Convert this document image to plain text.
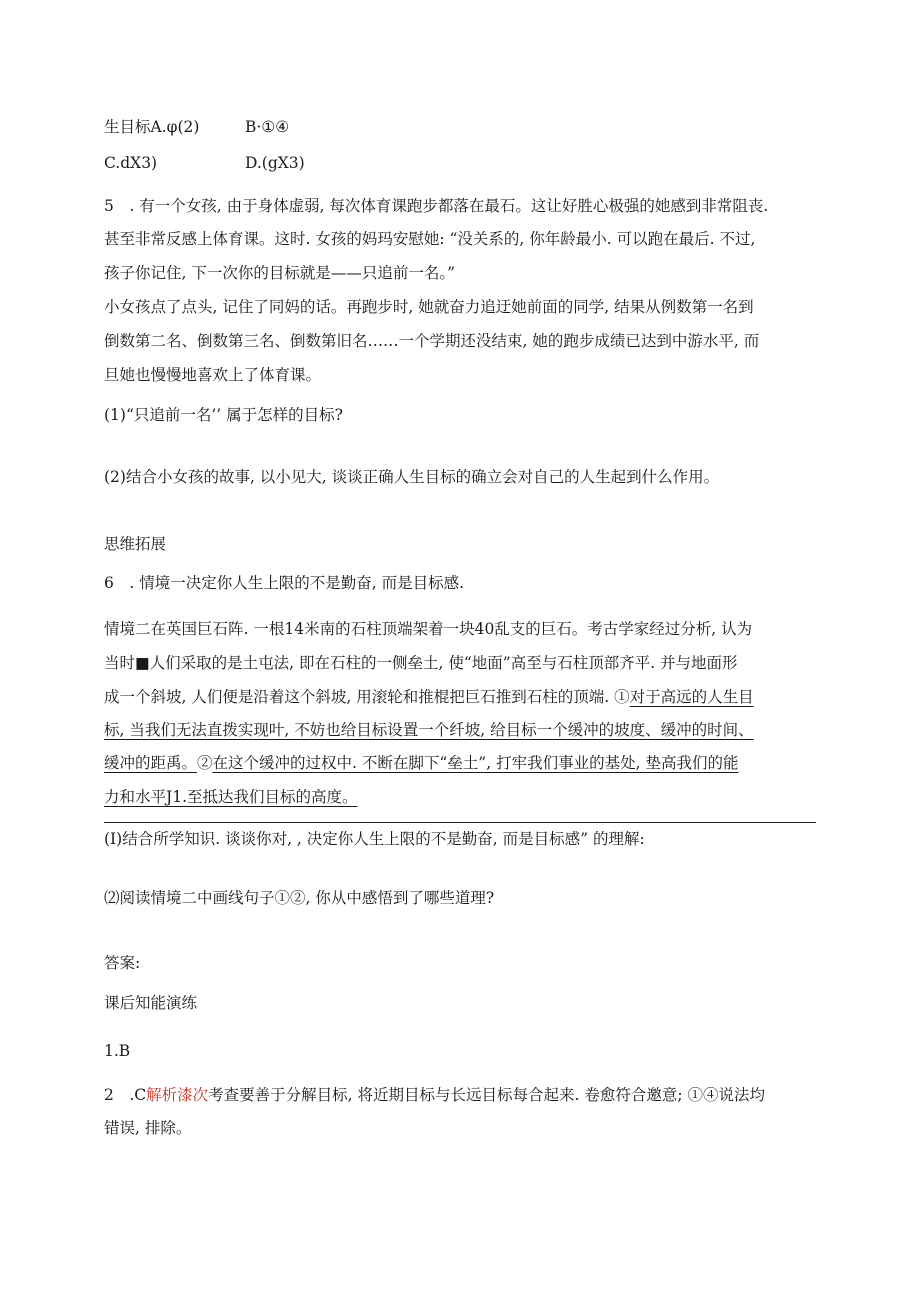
生目标A.φ(2)	B·①④
C.dX3)	D.(gX3)
5　. 有一个女孩, 由于身体虚弱, 每次体育课跑步都落在最石。这让好胜心极强的她感到非常阻丧.
甚至非常反感上体育课。这时. 女孩的妈玛安慰她: “没关系的, 你年龄最小. 可以跑在最后. 不过,
孩子你记住, 下一次你的目标就是——只追前一名。”
小女孩点了点头, 记住了同妈的话。再跑步时, 她就奋力追迂她前面的同学, 结果从例数第一名到
倒数第二名、倒数第三名、倒数第旧名……一个学期还没结束, 她的跑步成绩已达到中游水平, 而
旦她也慢慢地喜欢上了体育课。
(1)“只追前一名’’ 属于怎样的目标?
(2)结合小女孩的故事, 以小见大, 谈谈正确人生目标的确立会对自己的人生起到什么作用。
思维拓展
6　. 情境一决定你人生上限的不是勤奋, 而是目标感.
情境二在英国巨石阵. 一根14米南的石柱顶端架着一块40乱支的巨石。考古学家经过分析, 认为
当时■人们采取的是土屯法, 即在石柱的一侧垒土, 使“地面”高至与石柱顶部齐平. 并与地面形
成一个斜坡, 人们便是沿着这个斜坡, 用滚轮和推棍把巨石推到石柱的顶端. ①对于高远的人生目
标, 当我们无法直拨实现叶, 不妨也给目标设置一个纤坡, 给目标一个缓冲的坡度、缓冲的时间、
缓冲的距禹。②在这个缓冲的过权中. 不断在脚下“垒土”, 打牢我们事业的基处, 垫高我们的能
力和水平J1.至抵达我们目标的高度。
(I)结合所学知识. 谈谈你对, , 决定你人生上限的不是勤奋, 而是目标感” 的理解:
⑵阅读情境二中画线句子①②, 你从中感悟到了哪些道理?
答案:
课后知能演练
1.B
2　.C解析漆次考查要善于分解目标, 将近期目标与长远目标每合起来. 卷愈符合邀意; ①④说法均
错误, 排除。
